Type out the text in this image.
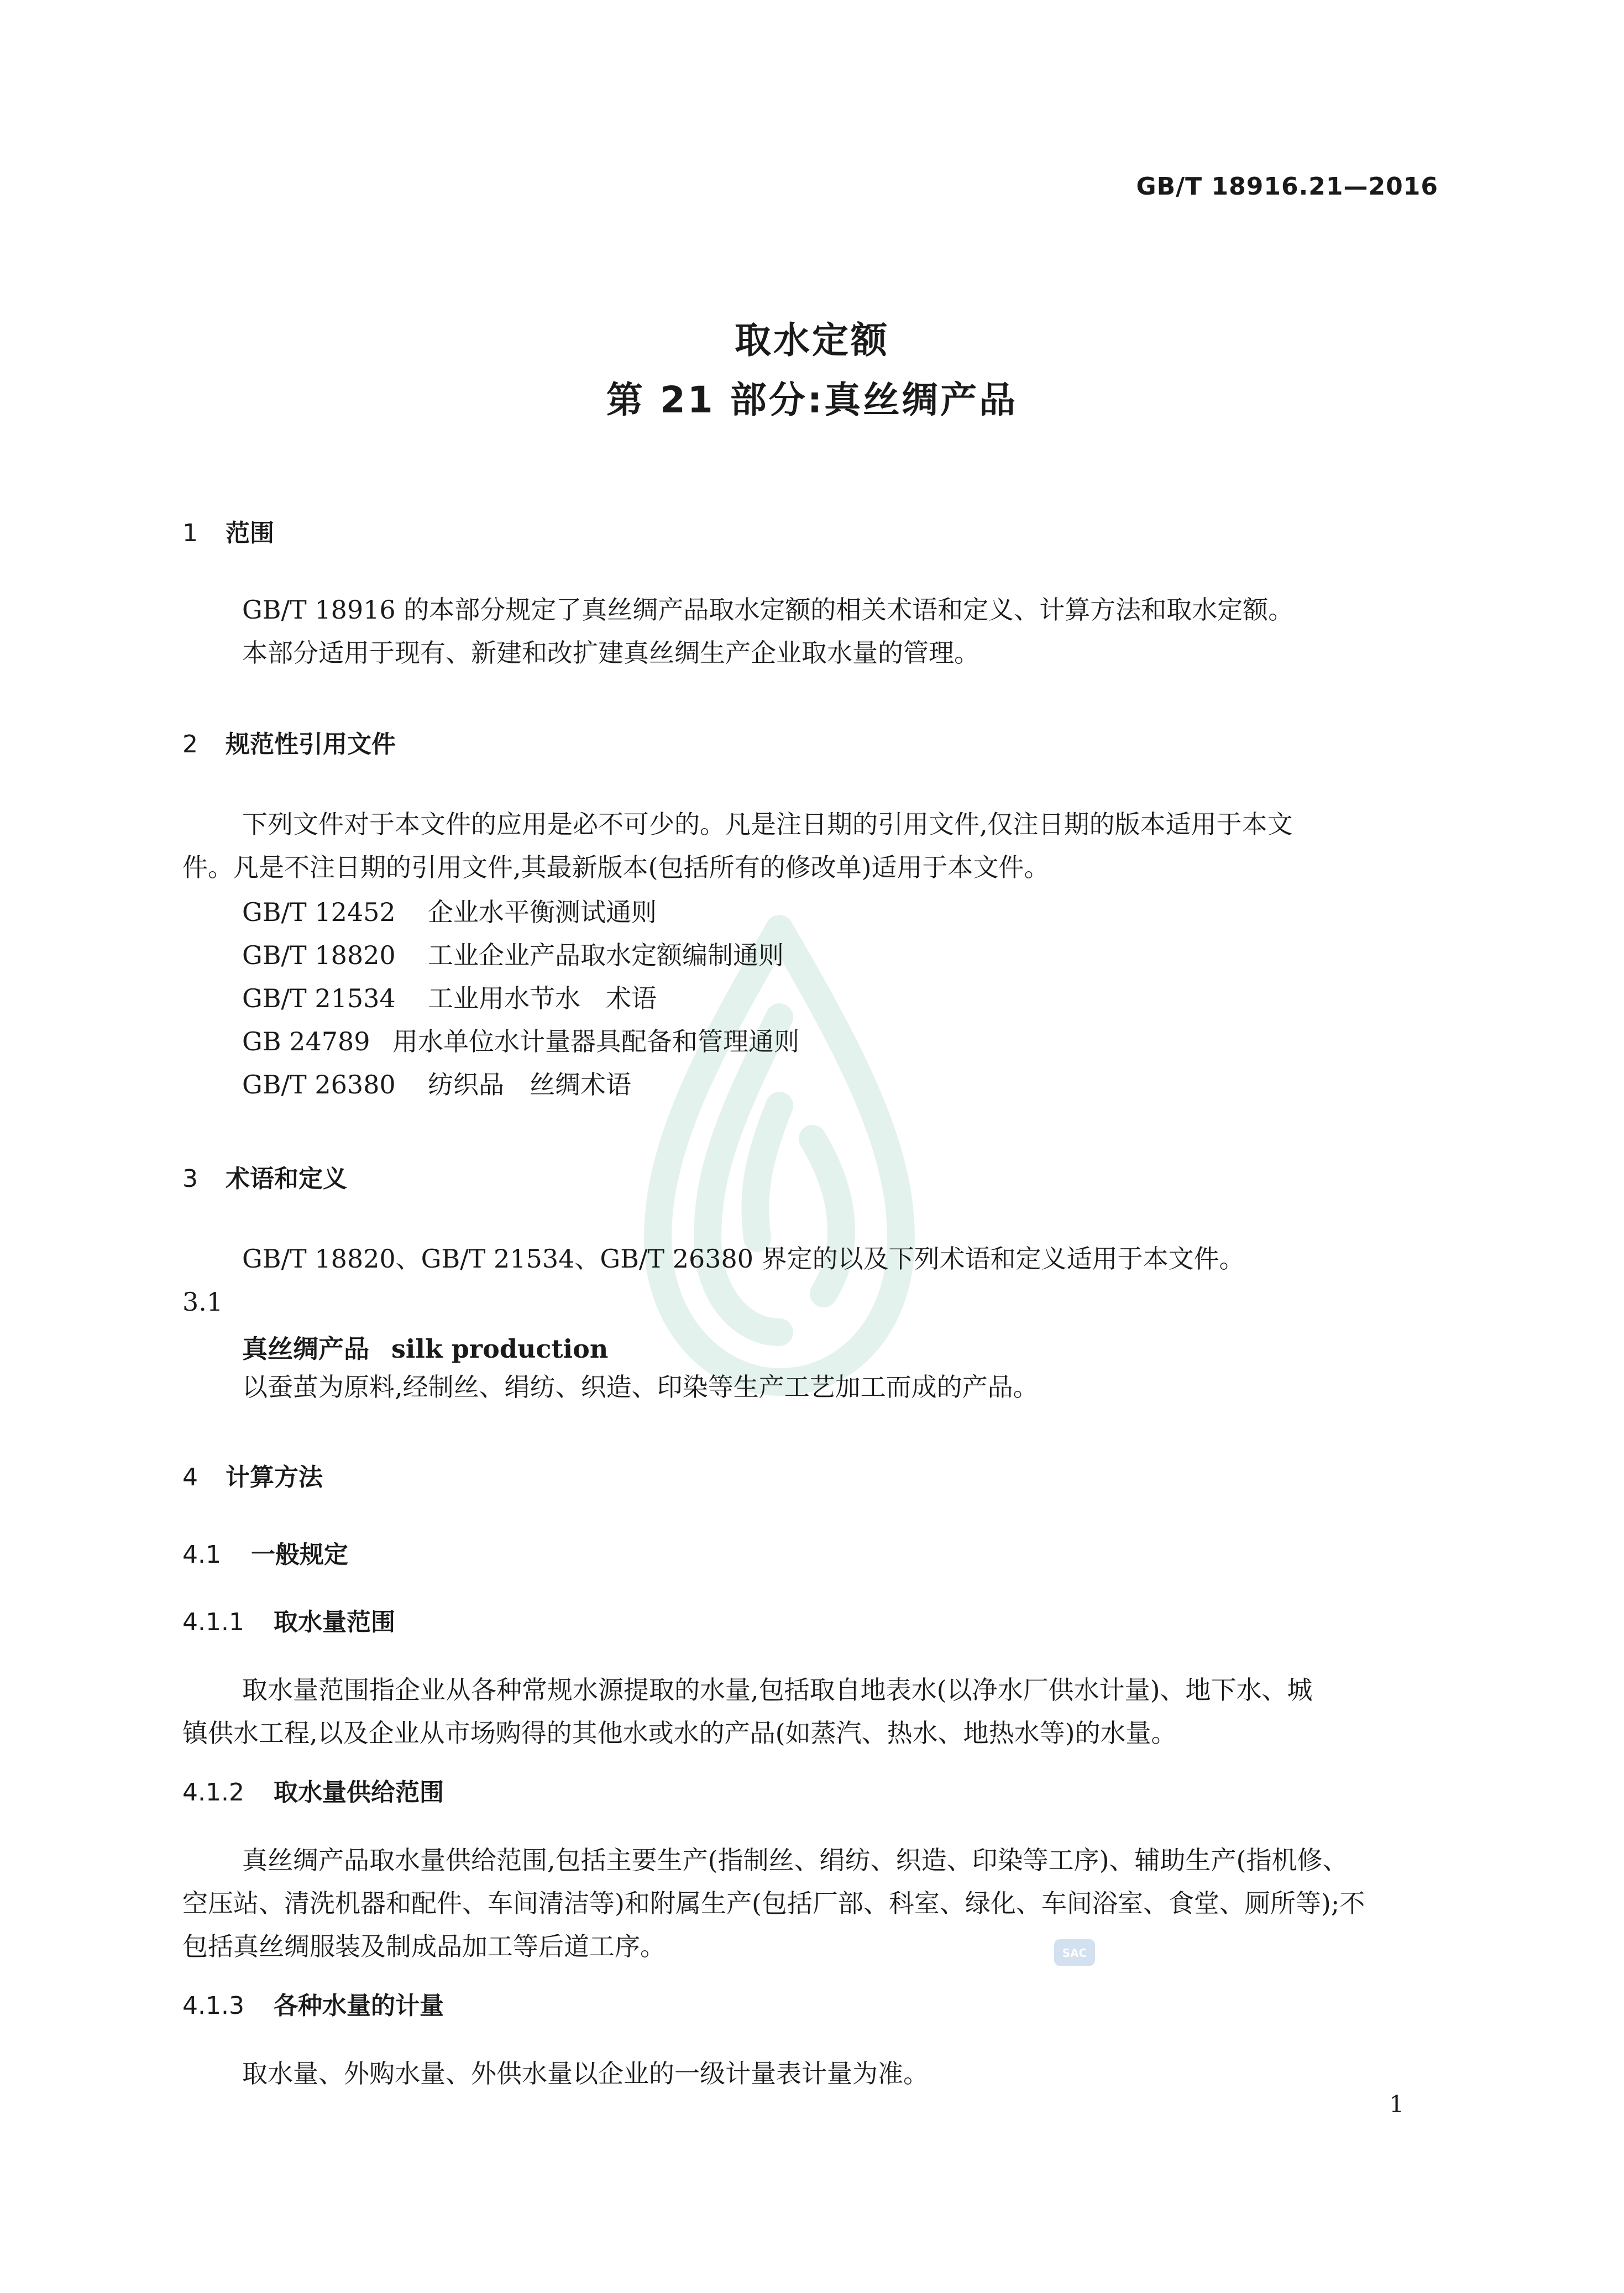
GB/T 18916.21—2016
取水定额
第 21 部分:真丝绸产品
1 范围
GB/T 18916 的本部分规定了真丝绸产品取水定额的相关术语和定义、计算方法和取水定额。
本部分适用于现有、新建和改扩建真丝绸生产企业取水量的管理。
2 规范性引用文件
下列文件对于本文件的应用是必不可少的。凡是注日期的引用文件,仅注日期的版本适用于本文
件。凡是不注日期的引用文件,其最新版本(包括所有的修改单)适用于本文件。
GB/T 12452 企业水平衡测试通则
GB/T 18820 工业企业产品取水定额编制通则
GB/T 21534 工业用水节水　术语
GB 24789 用水单位水计量器具配备和管理通则
GB/T 26380 纺织品　丝绸术语
3 术语和定义
GB/T 18820、GB/T 21534、GB/T 26380 界定的以及下列术语和定义适用于本文件。
3.1
真丝绸产品 silk production
以蚕茧为原料,经制丝、绢纺、织造、印染等生产工艺加工而成的产品。
4 计算方法
4.1 一般规定
4.1.1 取水量范围
取水量范围指企业从各种常规水源提取的水量,包括取自地表水(以净水厂供水计量)、地下水、城
镇供水工程,以及企业从市场购得的其他水或水的产品(如蒸汽、热水、地热水等)的水量。
4.1.2 取水量供给范围
真丝绸产品取水量供给范围,包括主要生产(指制丝、绢纺、织造、印染等工序)、辅助生产(指机修、
空压站、清洗机器和配件、车间清洁等)和附属生产(包括厂部、科室、绿化、车间浴室、食堂、厕所等);不
包括真丝绸服装及制成品加工等后道工序。	SAC
4.1.3 各种水量的计量
取水量、外购水量、外供水量以企业的一级计量表计量为准。
1
